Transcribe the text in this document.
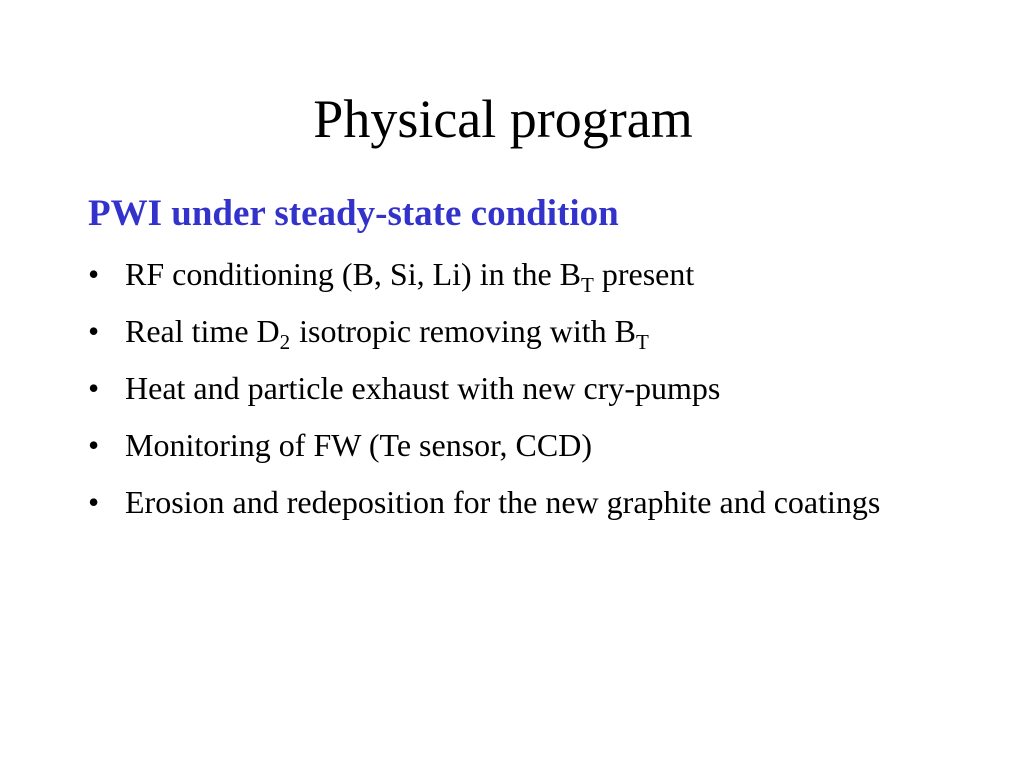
Physical program
PWI under steady-state condition
• RF conditioning (B, Si, Li) in the $B_T$ present
• Real time $D_2$ isotropic removing with $B_T$
• Heat and particle exhaust with new cry-pumps
• Monitoring of FW (Te sensor, CCD)
• Erosion and redeposition for the new graphite and coatings
